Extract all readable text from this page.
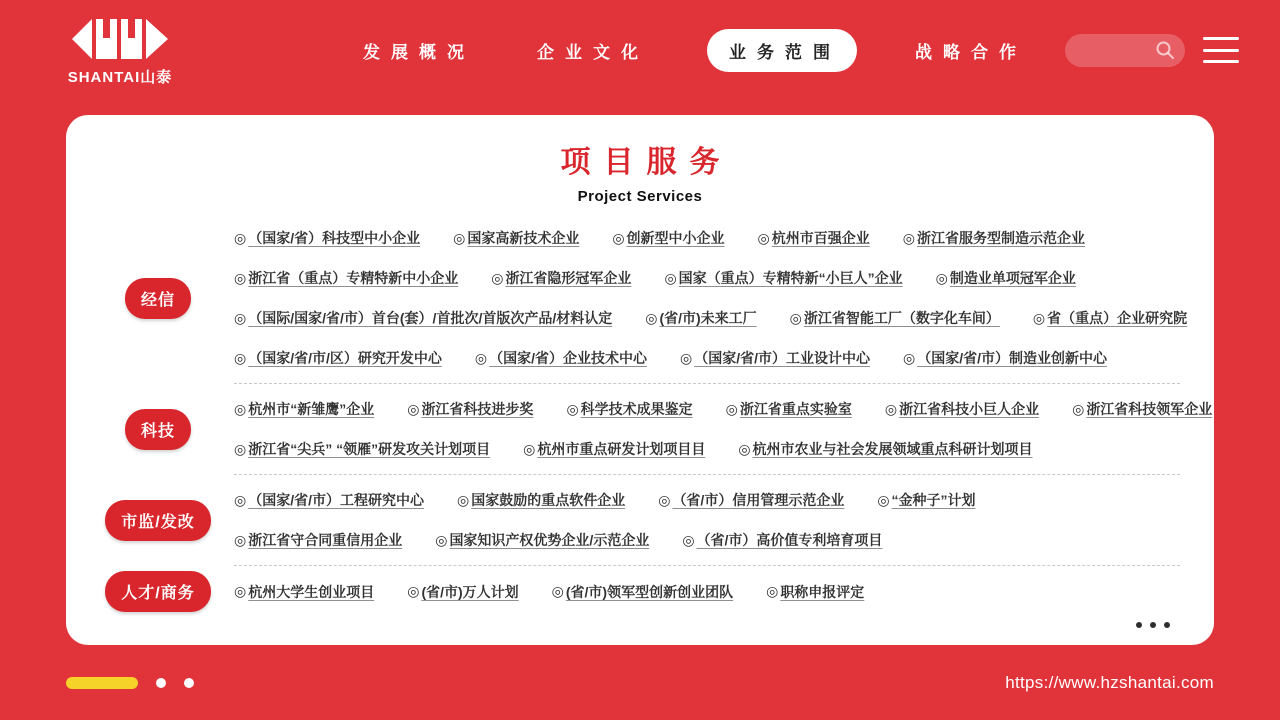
SHANTAI山泰
发展概况	企业文化	业务范围	战略合作
项目服务
Project Services
经信
◎ （国家/省）科技型中小企业 ◎ 国家高新技术企业 ◎ 创新型中小企业 ◎ 杭州市百强企业 ◎ 浙江省服务型制造示范企业
◎ 浙江省（重点）专精特新中小企业 ◎ 浙江省隐形冠军企业 ◎ 国家（重点）专精特新“小巨人”企业 ◎ 制造业单项冠军企业
◎ （国际/国家/省/市）首台(套）/首批次/首版次产品/材料认定 ◎ (省/市)未来工厂 ◎ 浙江省智能工厂（数字化车间） ◎ 省（重点）企业研究院
◎ （国家/省/市/区）研究开发中心 ◎ （国家/省）企业技术中心 ◎ （国家/省/市）工业设计中心 ◎ （国家/省/市）制造业创新中心
科技
◎ 杭州市“新雏鹰”企业 ◎ 浙江省科技进步奖 ◎ 科学技术成果鉴定 ◎ 浙江省重点实验室 ◎ 浙江省科技小巨人企业 ◎ 浙江省科技领军企业
◎ 浙江省“尖兵” “领雁”研发攻关计划项目 ◎ 杭州市重点研发计划项目目 ◎ 杭州市农业与社会发展领域重点科研计划项目
市监/发改
◎ （国家/省/市）工程研究中心 ◎ 国家鼓励的重点软件企业 ◎ （省/市）信用管理示范企业 ◎ “金种子”计划
◎ 浙江省守合同重信用企业 ◎ 国家知识产权优势企业/示范企业 ◎ （省/市）高价值专利培育项目
人才/商务	◎ 杭州大学生创业项目 ◎ (省/市)万人计划 ◎ (省/市)领军型创新创业团队 ◎ 职称申报评定
https://www.hzshantai.com
